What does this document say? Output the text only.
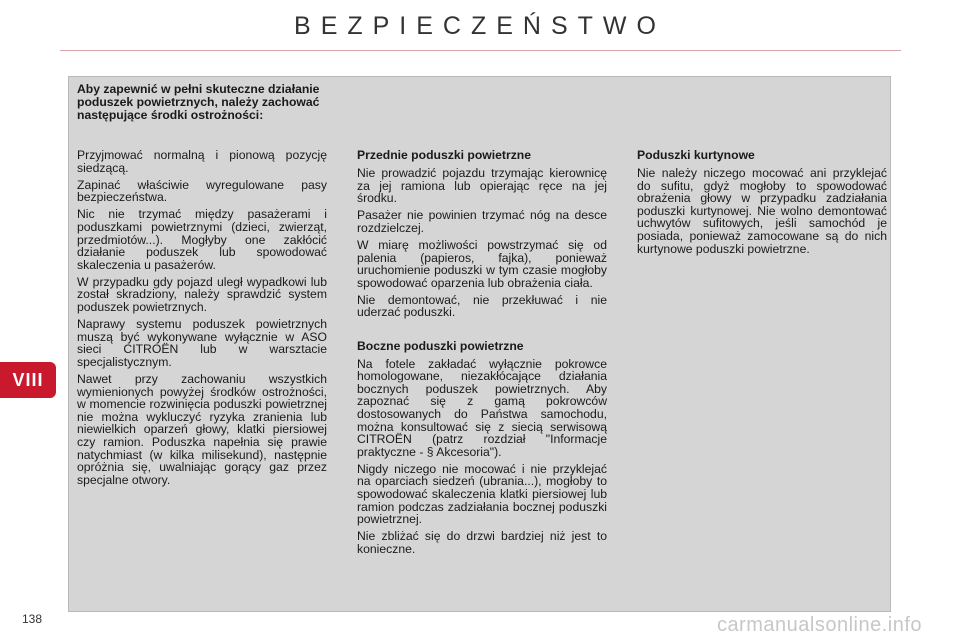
BEZPIECZEŃSTWO
VIII
138
Aby zapewnić w pełni skuteczne działanie poduszek powietrznych, należy zachować następujące środki ostrożności:

Przyjmować normalną i pionową pozycję siedzącą.

Zapinać właściwie wyregulowane pasy bezpieczeństwa.

Nic nie trzymać między pasażerami i poduszkami powietrznymi (dzieci, zwierząt, przedmiotów...). Mogłyby one zakłócić działanie poduszek lub spowodować skaleczenia u pasażerów.

W przypadku gdy pojazd uległ wypadkowi lub został skradziony, należy sprawdzić system poduszek powietrznych.

Naprawy systemu poduszek powietrznych muszą być wykonywane wyłącznie w ASO sieci CITROËN lub w warsztacie specjalistycznym.

Nawet przy zachowaniu wszystkich wymienionych powyżej środków ostrożności, w momencie rozwinięcia poduszki powietrznej nie można wykluczyć ryzyka zranienia lub niewielkich oparzeń głowy, klatki piersiowej czy ramion. Poduszka napełnia się prawie natychmiast (w kilka milisekund), następnie opróżnia się, uwalniając gorący gaz przez specjalne otwory.

Przednie poduszki powietrzne

Nie prowadzić pojazdu trzymając kierownicę za jej ramiona lub opierając ręce na jej środku.

Pasażer nie powinien trzymać nóg na desce rozdzielczej.

W miarę możliwości powstrzymać się od palenia (papieros, fajka), ponieważ uruchomienie poduszki w tym czasie mogłoby spowodować oparzenia lub obrażenia ciała.

Nie demontować, nie przekłuwać i nie uderzać poduszki.

Boczne poduszki powietrzne

Na fotele zakładać wyłącznie pokrowce homologowane, niezakłócające działania bocznych poduszek powietrznych. Aby zapoznać się z gamą pokrowców dostosowanych do Państwa samochodu, można konsultować się z siecią serwisową CITROËN (patrz rozdział "Informacje praktyczne - § Akcesoria").

Nigdy niczego nie mocować i nie przyklejać na oparciach siedzeń (ubrania...), mogłoby to spowodować skaleczenia klatki piersiowej lub ramion podczas zadziałania bocznej poduszki powietrznej.

Nie zbliżać się do drzwi bardziej niż jest to konieczne.

Poduszki kurtynowe

Nie należy niczego mocować ani przyklejać do sufitu, gdyż mogłoby to spowodować obrażenia głowy w przypadku zadziałania poduszki kurtynowej. Nie wolno demontować uchwytów sufitowych, jeśli samochód je posiada, ponieważ zamocowane są do nich kurtynowe poduszki powietrzne.

carmanualsonline.info
